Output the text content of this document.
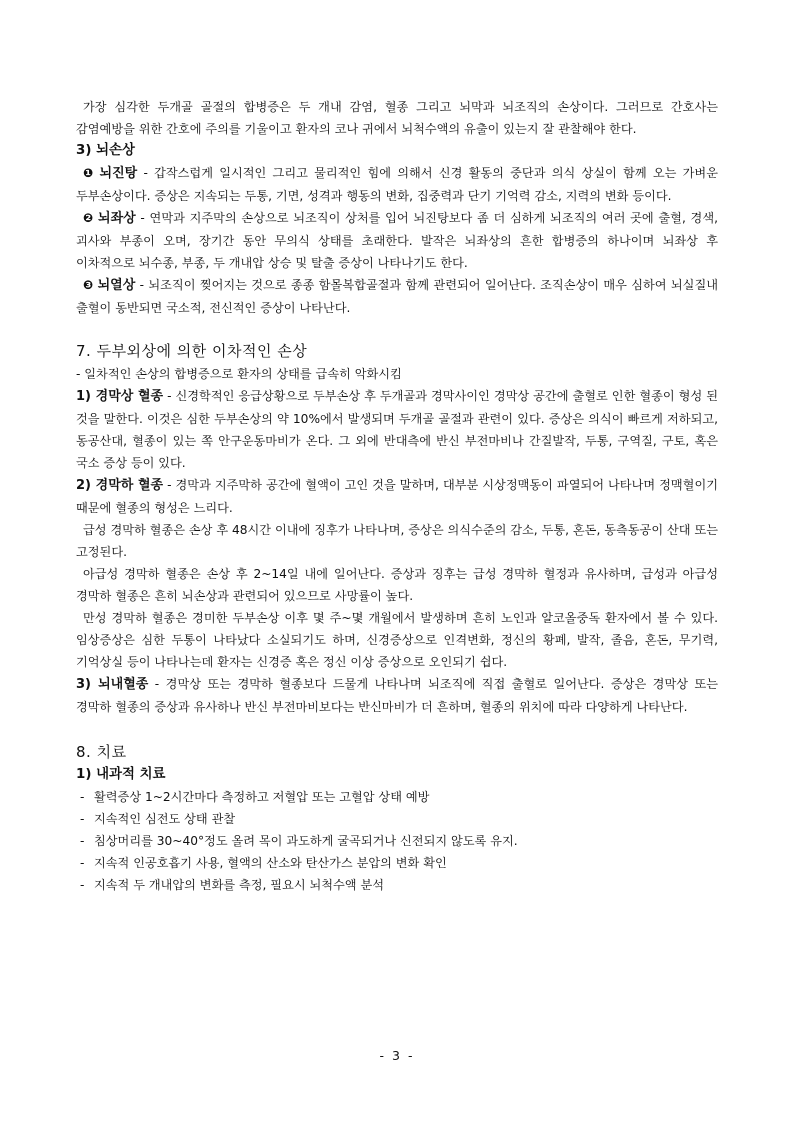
가장 심각한 두개골 골절의 합병증은 두 개내 감염, 혈종 그리고 뇌막과 뇌조직의 손상이다. 그러므로 간호사는 감염예방을 위한 간호에 주의를 기울이고 환자의 코나 귀에서 뇌척수액의 유출이 있는지 잘 관찰해야 한다.

3) 뇌손상

❶ 뇌진탕 - 갑작스럽게 일시적인 그리고 물리적인 힘에 의해서 신경 활동의 중단과 의식 상실이 함께 오는 가벼운 두부손상이다. 증상은 지속되는 두통, 기면, 성격과 행동의 변화, 집중력과 단기 기억력 감소, 지력의 변화 등이다.

❷ 뇌좌상 - 연막과 지주막의 손상으로 뇌조직이 상처를 입어 뇌진탕보다 좀 더 심하게 뇌조직의 여러 곳에 출혈, 경색, 괴사와 부종이 오며, 장기간 동안 무의식 상태를 초래한다. 발작은 뇌좌상의 흔한 합병증의 하나이며 뇌좌상 후 이차적으로 뇌수종, 부종, 두 개내압 상승 및 탈출 증상이 나타나기도 한다.

❸ 뇌열상 - 뇌조직이 찢어지는 것으로 종종 함몰복합골절과 함께 관련되어 일어난다. 조직손상이 매우 심하여 뇌실질내 출혈이 동반되면 국소적, 전신적인 증상이 나타난다.

7. 두부외상에 의한 이차적인 손상

- 일차적인 손상의 합병증으로 환자의 상태를 급속히 악화시킴

1) 경막상 혈종 - 신경학적인 응급상황으로 두부손상 후 두개골과 경막사이인 경막상 공간에 출혈로 인한 혈종이 형성 된 것을 말한다. 이것은 심한 두부손상의 약 10%에서 발생되며 두개골 골절과 관련이 있다. 증상은 의식이 빠르게 저하되고, 동공산대, 혈종이 있는 쪽 안구운동마비가 온다. 그 외에 반대측에 반신 부전마비나 간질발작, 두통, 구역질, 구토, 혹은 국소 증상 등이 있다.

2) 경막하 혈종 - 경막과 지주막하 공간에 혈액이 고인 것을 말하며, 대부분 시상정맥동이 파열되어 나타나며 정맥혈이기 때문에 혈종의 형성은 느리다.

급성 경막하 혈종은 손상 후 48시간 이내에 징후가 나타나며, 증상은 의식수준의 감소, 두통, 혼돈, 동측동공이 산대 또는 고정된다.

아급성 경막하 혈종은 손상 후 2~14일 내에 일어난다. 증상과 징후는 급성 경막하 혈정과 유사하며, 급성과 아급성 경막하 혈종은 흔히 뇌손상과 관련되어 있으므로 사망률이 높다.

만성 경막하 혈종은 경미한 두부손상 이후 몇 주~몇 개월에서 발생하며 흔히 노인과 알코올중독 환자에서 볼 수 있다. 임상증상은 심한 두통이 나타났다 소실되기도 하며, 신경증상으로 인격변화, 정신의 황폐, 발작, 졸음, 혼돈, 무기력, 기억상실 등이 나타나는데 환자는 신경증 혹은 정신 이상 증상으로 오인되기 쉽다.

3) 뇌내혈종 - 경막상 또는 경막하 혈종보다 드물게 나타나며 뇌조직에 직접 출혈로 일어난다. 증상은 경막상 또는 경막하 혈종의 증상과 유사하나 반신 부전마비보다는 반신마비가 더 흔하며, 혈종의 위치에 따라 다양하게 나타난다.

8. 치료

1) 내과적 치료

- 활력증상 1~2시간마다 측정하고 저혈압 또는 고혈압 상태 예방
- 지속적인 심전도 상태 관찰
- 침상머리를 30~40°정도 올려 목이 과도하게 굴곡되거나 신전되지 않도록 유지.
- 지속적 인공호흡기 사용, 혈액의 산소와 탄산가스 분압의 변화 확인
- 지속적 두 개내압의 변화를 측정, 필요시 뇌척수액 분석
- 3 -
